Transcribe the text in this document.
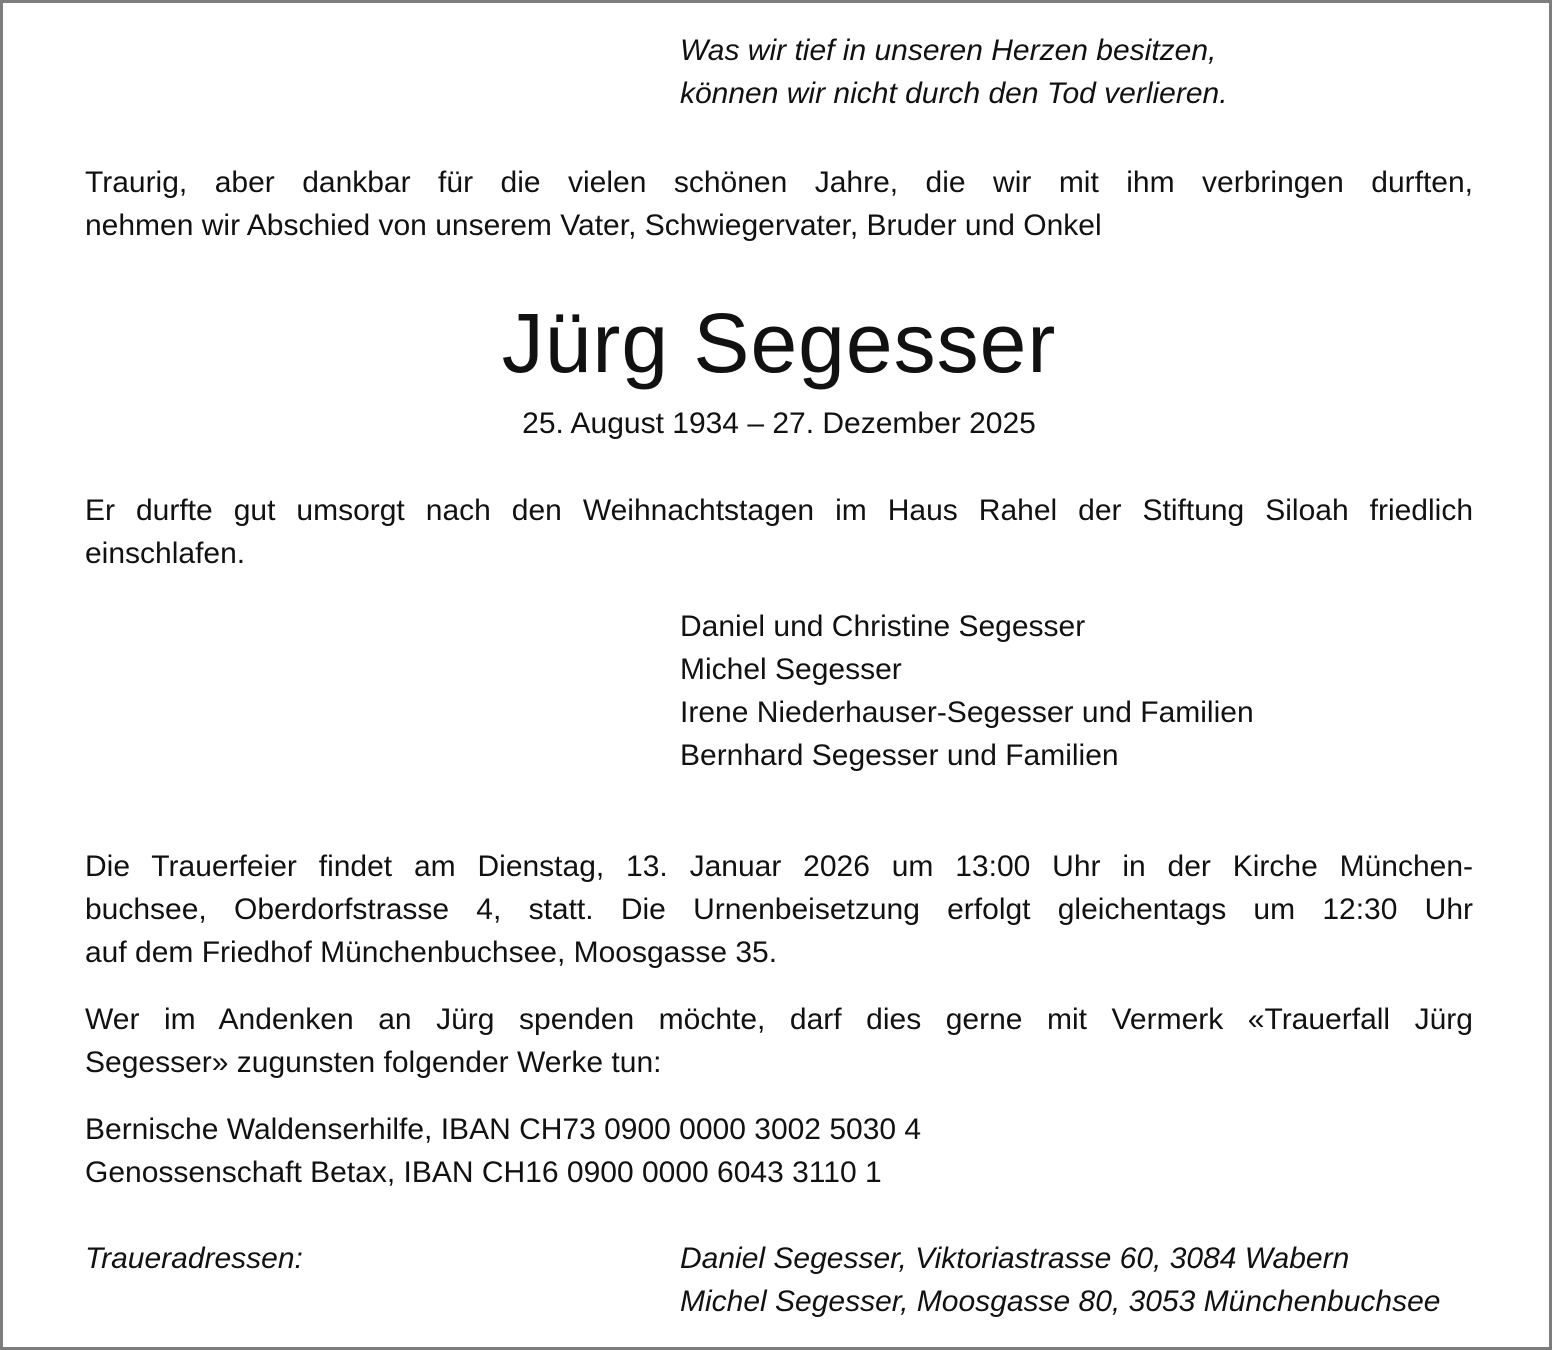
Was wir tief in unseren Herzen besitzen,
können wir nicht durch den Tod verlieren.
Traurig, aber dankbar für die vielen schönen Jahre, die wir mit ihm verbringen durften,
nehmen wir Abschied von unserem Vater, Schwiegervater, Bruder und Onkel
Jürg Segesser
25. August 1934 – 27. Dezember 2025
Er durfte gut umsorgt nach den Weihnachtstagen im Haus Rahel der Stiftung Siloah friedlich
einschlafen.
Daniel und Christine Segesser
Michel Segesser
Irene Niederhauser-Segesser und Familien
Bernhard Segesser und Familien
Die Trauerfeier findet am Dienstag, 13. Januar 2026 um 13:00 Uhr in der Kirche München-
buchsee, Oberdorfstrasse 4, statt. Die Urnenbeisetzung erfolgt gleichentags um 12:30 Uhr
auf dem Friedhof Münchenbuchsee, Moosgasse 35.
Wer im Andenken an Jürg spenden möchte, darf dies gerne mit Vermerk «Trauerfall Jürg
Segesser» zugunsten folgender Werke tun:
Bernische Waldenserhilfe, IBAN CH73 0900 0000 3002 5030 4
Genossenschaft Betax, IBAN CH16 0900 0000 6043 3110 1
Traueradressen:	Daniel Segesser, Viktoriastrasse 60, 3084 Wabern
Michel Segesser, Moosgasse 80, 3053 Münchenbuchsee
